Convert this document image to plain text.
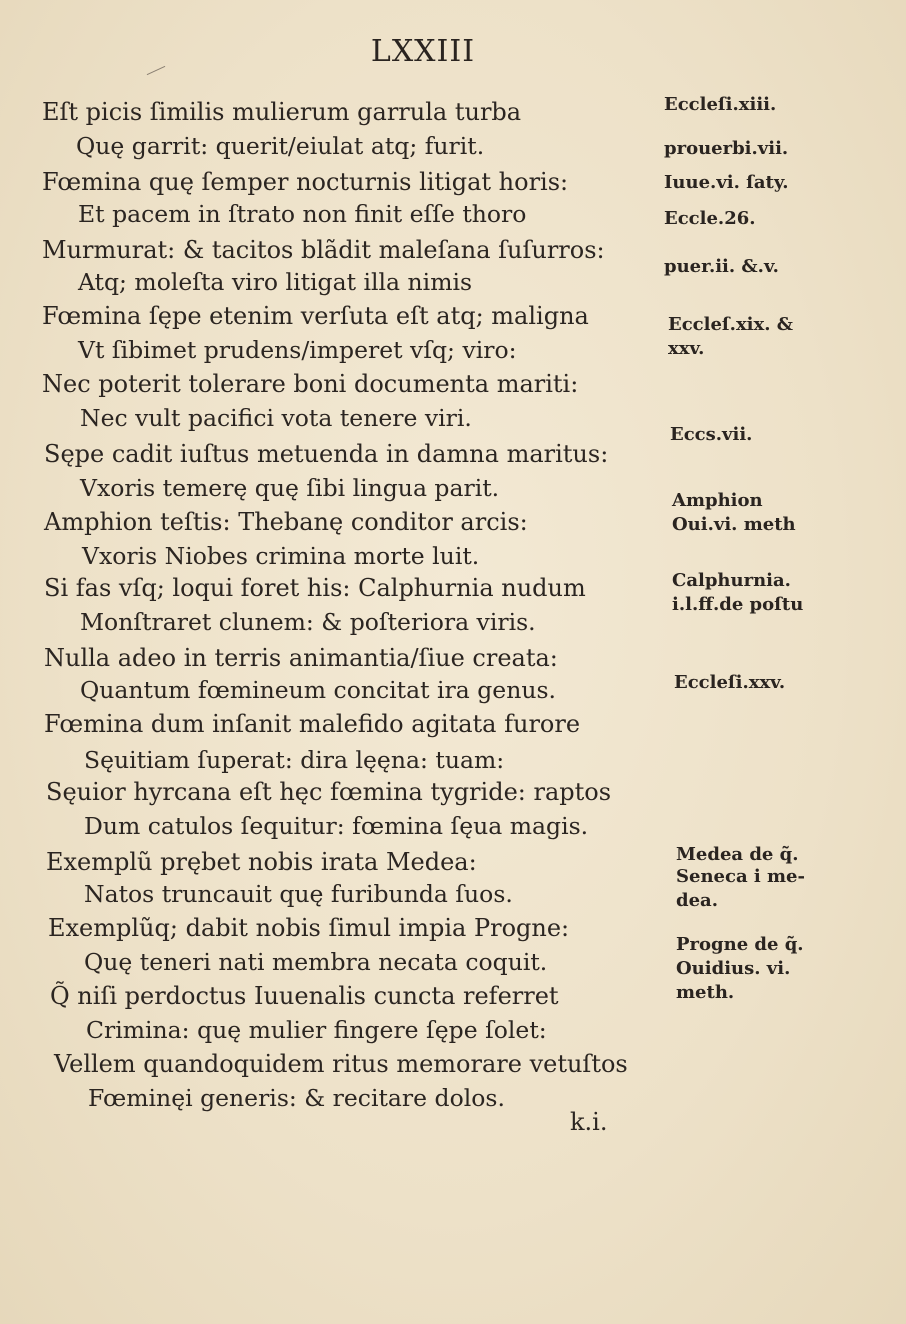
LXXIII
Eſt picis ſimilis mulierum garrula turba
Quę garrit: querit/eiulat atq; furit.
Fœmina quę ſemper nocturnis litigat horis:
Et pacem in ſtrato non finit eſſe thoro
Murmurat: & tacitos blãdit maleſana ſuſurros:
Atq; moleſta viro litigat illa nimis
Fœmina ſępe etenim verſuta eſt atq; maligna
Vt ſibimet prudens/imperet vſq; viro:
Nec poterit tolerare boni documenta mariti:
Nec vult pacifici vota tenere viri.
Sępe cadit iuſtus metuenda in damna maritus:
Vxoris temerę quę ſibi lingua parit.
Amphion teſtis: Thebanę conditor arcis:
Vxoris Niobes crimina morte luit.
Si fas vſq; loqui foret his: Calphurnia nudum
Monſtraret clunem: & poſteriora viris.
Nulla adeo in terris animantia/ſiue creata:
Quantum fœmineum concitat ira genus.
Fœmina dum inſanit malefido agitata furore
Sęuitiam ſuperat: dira lęęna: tuam:
Sęuior hyrcana eſt hęc fœmina tygride: raptos
Dum catulos ſequitur: fœmina ſęua magis.
Exemplũ prębet nobis irata Medea:
Natos truncauit quę furibunda ſuos.
Exemplũq; dabit nobis ſimul impia Progne:
Quę teneri nati membra necata coquit.
Q̃ niſi perdoctus Iuuenalis cuncta referret
Crimina: quę mulier fingere ſępe ſolet:
Vellem quandoquidem ritus memorare vetuſtos
Fœminęi generis: & recitare dolos.
Eccleſi.xiii.
prouerbi.vii.
Iuue.vi. ſaty.
Eccle.26.
puer.ii. &.v.
Eccleſ.xix. &
xxv.
Eccs.vii.
Amphion
Oui.vi. meth
Calphurnia.
i.l.ff.de poſtu
Eccleſi.xxv.
Medea de q̃.
Seneca i me-
dea.
Progne de q̃.
Ouidius. vi.
meth.
k.i.
